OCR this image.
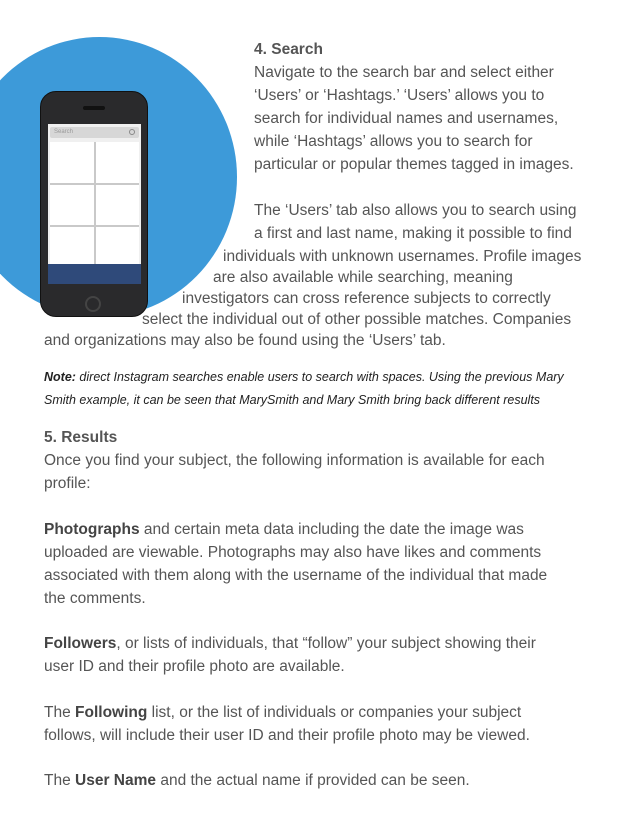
Search
4. Search
Navigate to the search bar and select either
‘Users’ or ‘Hashtags.’ ‘Users’ allows you to
search for individual names and usernames,
while ‘Hashtags’ allows you to search for
particular or popular themes tagged in images.
The ‘Users’ tab also allows you to search using
a first and last name, making it possible to find
individuals with unknown usernames. Profile images
are also available while searching, meaning
investigators can cross reference subjects to correctly
select the individual out of other possible matches. Companies
and organizations may also be found using the ‘Users’ tab.
Note: direct Instagram searches enable users to search with spaces. Using the previous Mary
Smith example, it can be seen that MarySmith and Mary Smith bring back different results
5. Results
Once you find your subject, the following information is available for each
profile:
Photographs and certain meta data including the date the image was
uploaded are viewable. Photographs may also have likes and comments
associated with them along with the username of the individual that made
the comments.
Followers, or lists of individuals, that “follow” your subject showing their
user ID and their profile photo are available.
The Following list, or the list of individuals or companies your subject
follows, will include their user ID and their profile photo may be viewed.
The User Name and the actual name if provided can be seen.
